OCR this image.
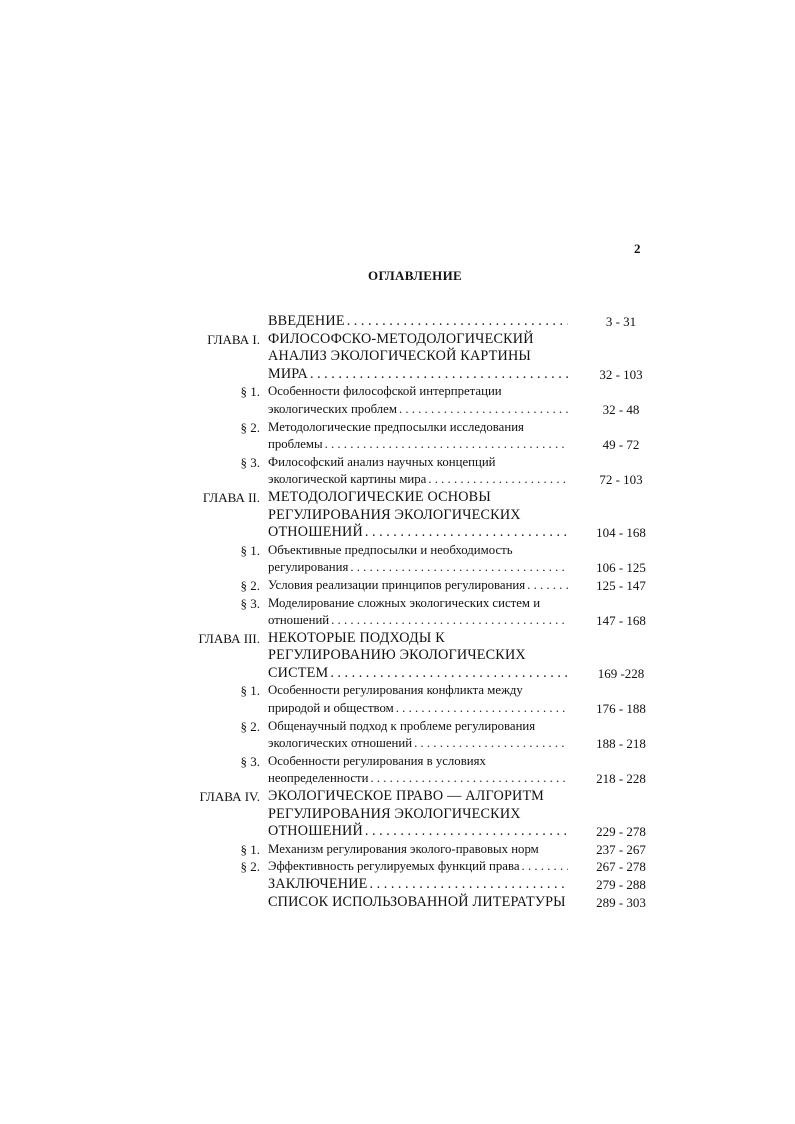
2
ОГЛАВЛЕНИЕ
ВВЕДЕНИЕ . . .	3 - 31
ГЛАВА I. ФИЛОСОФСКО-МЕТОДОЛОГИЧЕСКИЙ
АНАЛИЗ ЭКОЛОГИЧЕСКОЙ КАРТИНЫ
МИРА . . .	32 - 103
§ 1. Особенности философской интерпретации
экологических проблем . . .	32 - 48
§ 2. Методологические предпосылки исследования
проблемы . . .	49 - 72
§ 3. Философский анализ научных концепций
экологической картины мира . . .	72 - 103
ГЛАВА II. МЕТОДОЛОГИЧЕСКИЕ ОСНОВЫ
РЕГУЛИРОВАНИЯ ЭКОЛОГИЧЕСКИХ
ОТНОШЕНИЙ . . .	104 - 168
§ 1. Объективные предпосылки и необходимость
регулирования . . .	106 - 125
§ 2. Условия реализации принципов регулирования . . .	125 - 147
§ 3. Моделирование сложных экологических систем и
отношений . . .	147 - 168
ГЛАВА III. НЕКОТОРЫЕ ПОДХОДЫ К
РЕГУЛИРОВАНИЮ ЭКОЛОГИЧЕСКИХ
СИСТЕМ . . .	169 -228
§ 1. Особенности регулирования конфликта между
природой и обществом . . .	176 - 188
§ 2. Общенаучный подход к проблеме регулирования
экологических отношений . . .	188 - 218
§ 3. Особенности регулирования в условиях
неопределенности . . .	218 - 228
ГЛАВА IV. ЭКОЛОГИЧЕСКОЕ ПРАВО — АЛГОРИТМ
РЕГУЛИРОВАНИЯ ЭКОЛОГИЧЕСКИХ
ОТНОШЕНИЙ . . .	229 - 278
§ 1. Механизм регулирования эколого-правовых норм	237 - 267
§ 2. Эффективность регулируемых функций права . . .	267 - 278
ЗАКЛЮЧЕНИЕ . . .	279 - 288
СПИСОК ИСПОЛЬЗОВАННОЙ ЛИТЕРАТУРЫ	289 - 303
